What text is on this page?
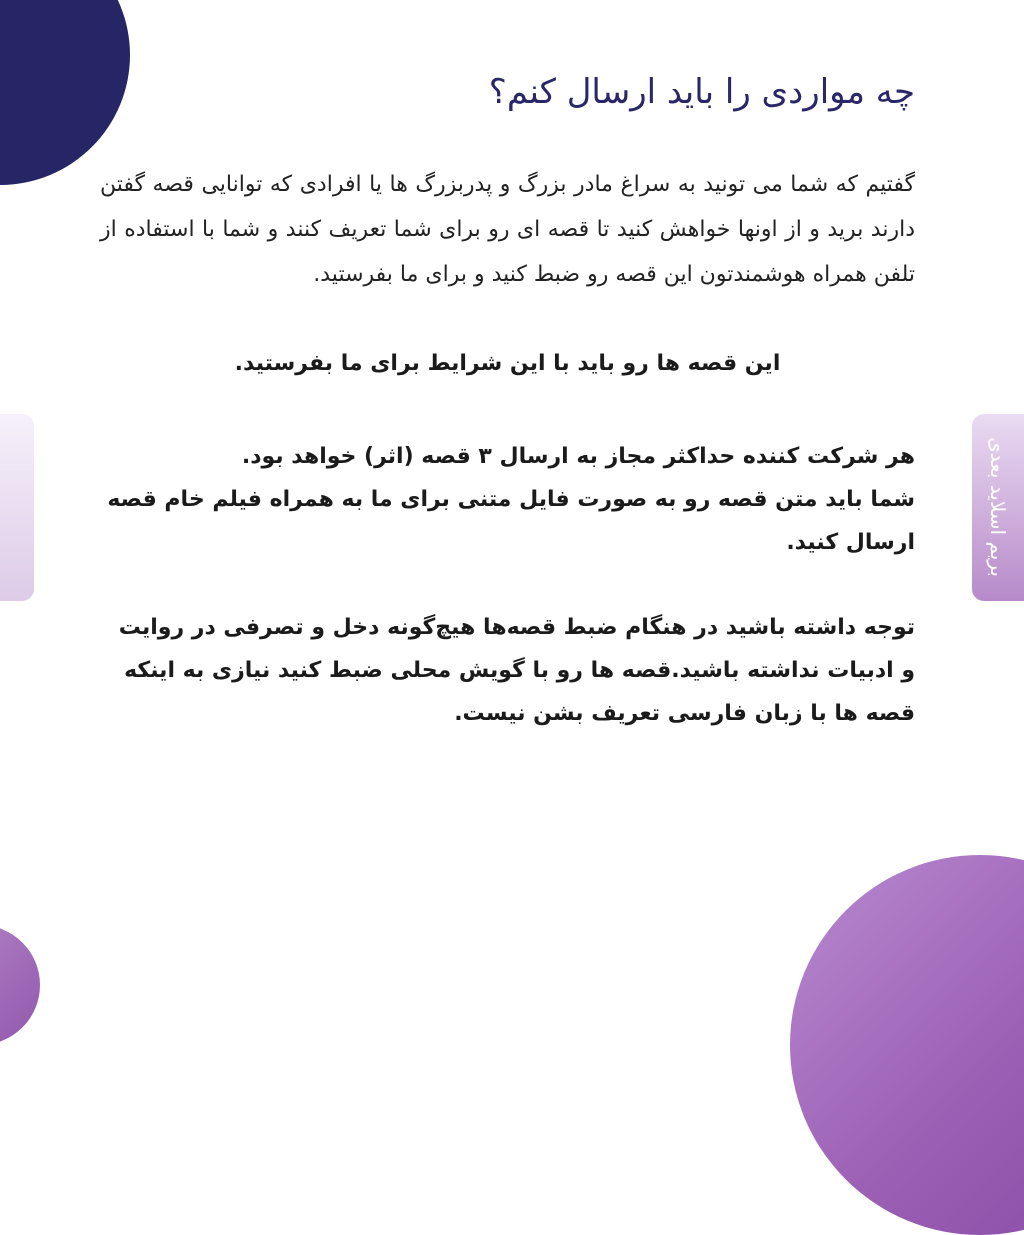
بریم اسلاید بعدی
چه مواردی را باید ارسال کنم؟

گفتیم که شما می تونید به سراغ مادر بزرگ و پدربزرگ ها یا افرادی که توانایی قصه گفتن دارند برید و از اونها خواهش کنید تا قصه ای رو برای شما تعریف کنند و شما با استفاده از تلفن همراه هوشمندتون این قصه رو ضبط کنید و برای ما بفرستید.

این قصه ها رو باید با این شرایط برای ما بفرستید.

هر شرکت کننده حداکثر مجاز به ارسال ۳ قصه (اثر) خواهد بود.

شما باید متن قصه رو به صورت فایل متنی برای ما به همراه فیلم خام قصه ارسال کنید.

توجه داشته باشید در هنگام ضبط قصه‌ها هیچ‌گونه دخل و تصرفی در روایت و ادبیات نداشته باشید.قصه ها رو با گویش محلی ضبط کنید نیازی به اینکه قصه ها با زبان فارسی تعریف بشن نیست.
